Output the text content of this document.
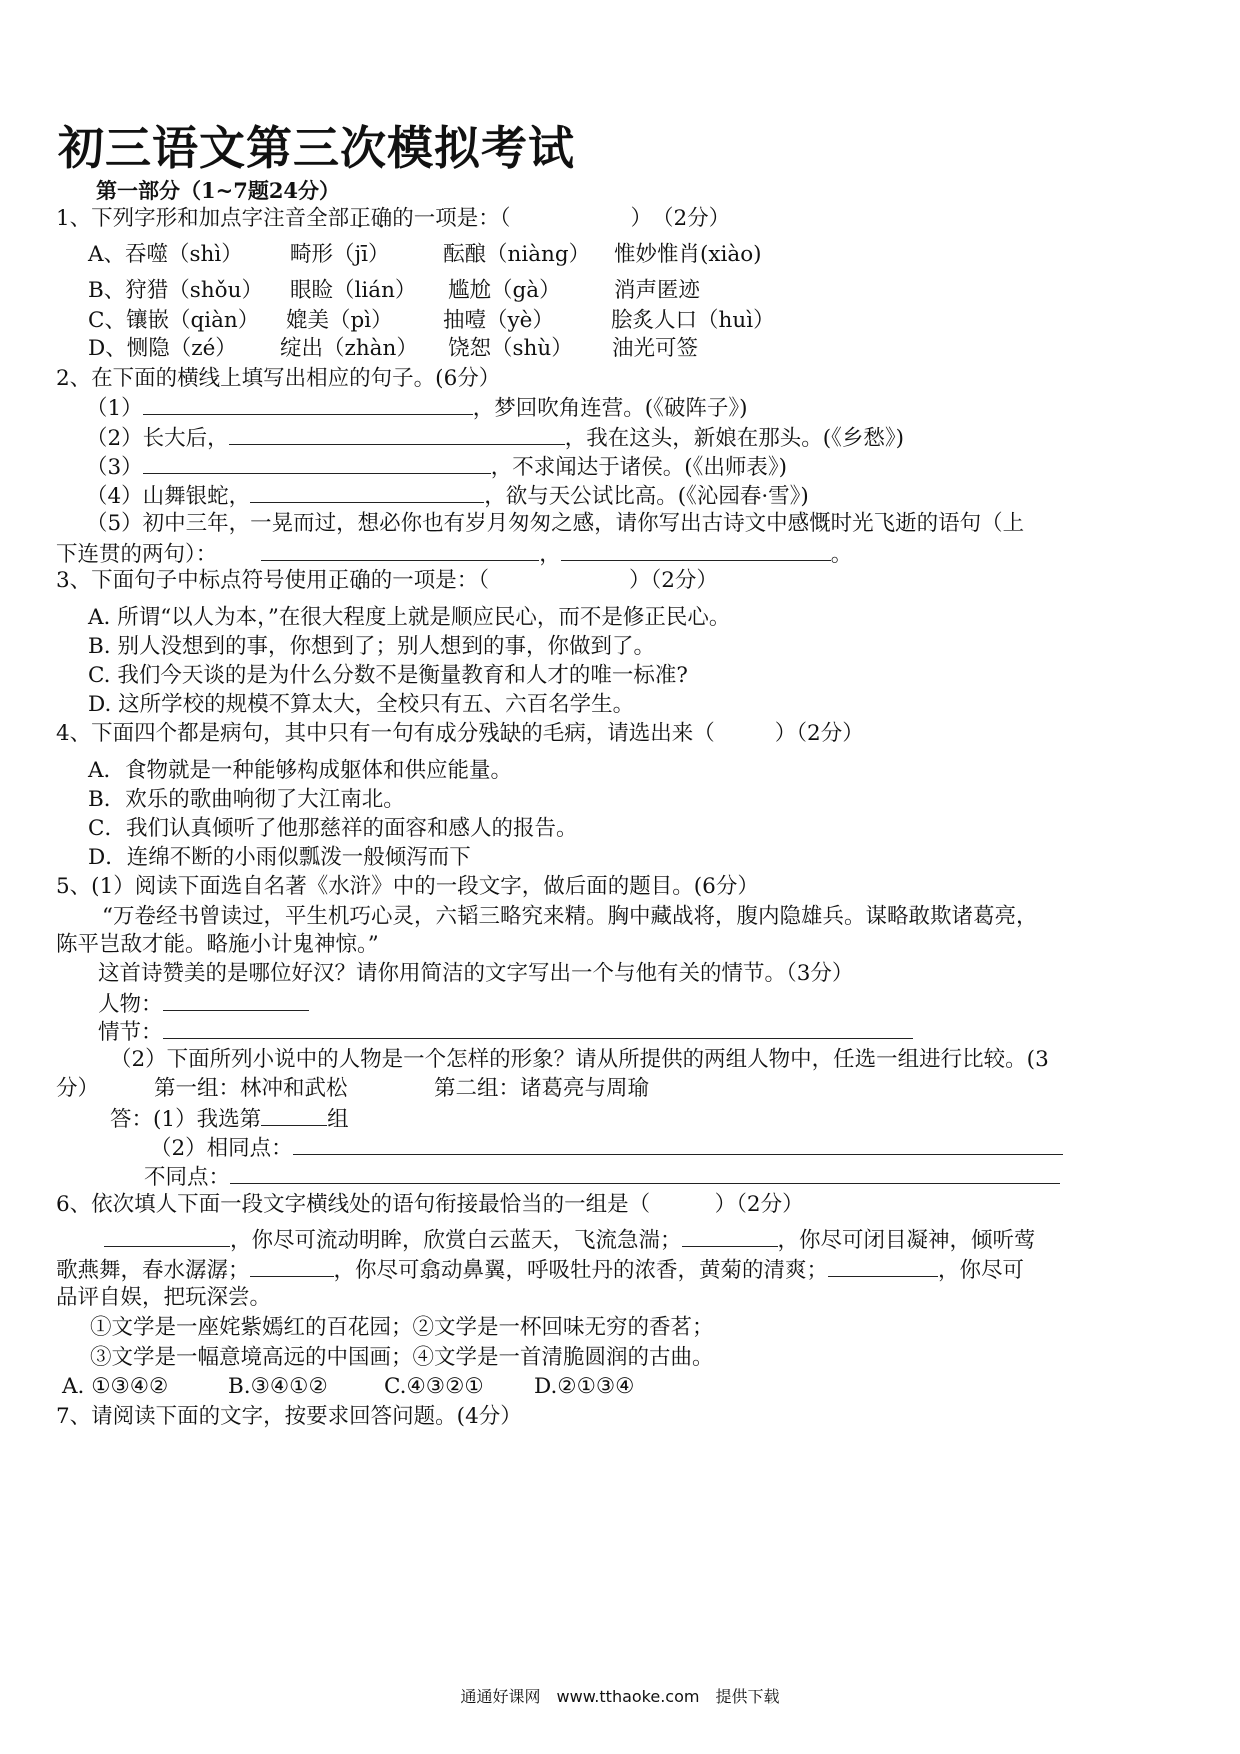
初三语文第三次模拟考试
第一部分（1~7题24分）
1、下列字形和加点字注音全部正确的一项是：（	）　（2分）
A、吞噬（shì） 畸形（jī） 酝酿（niàng） 惟妙惟肖(xiào)
B、狩猎（shǒu） 眼睑（lián） 尴尬（gà） 消声匿迹
C、镶嵌（qiàn） 媲美（pì） 抽噎（yè）	脍炙人口（huì）
D、恻隐（zé） 绽出（zhàn） 饶恕（shù） 油光可签
2、在下面的横线上填写出相应的句子。(6分）
（1）	，梦回吹角连营。(《破阵子》)
（2）长大后，	，我在这头，新娘在那头。(《乡愁》)
（3）	，不求闻达于诸侯。(《出师表》)
（4）山舞银蛇，	，欲与天公试比高。(《沁园春·雪》)
（5）初中三年，一晃而过，想必你也有岁月匆匆之感，请你写出古诗文中感慨时光飞逝的语句（上
下连贯的两句）：	，	。
3、下面句子中标点符号使用正确的一项是：（	）（2分）
A. 所谓“以人为本，”在很大程度上就是顺应民心，而不是修正民心。
B. 别人没想到的事，你想到了；别人想到的事，你做到了。
C. 我们今天谈的是为什么分数不是衡量教育和人才的唯一标准?
D. 这所学校的规模不算太大，全校只有五、六百名学生。
4、下面四个都是病句，其中只有一句有成分残缺的毛病，请选出来（	）（2分）
A．食物就是一种能够构成躯体和供应能量。
B．欢乐的歌曲响彻了大江南北。
C．我们认真倾听了他那慈祥的面容和感人的报告。
D．连绵不断的小雨似瓢泼一般倾泻而下
5、(1）阅读下面选自名著《水浒》中的一段文字，做后面的题目。(6分）
“万卷经书曾读过，平生机巧心灵，六韬三略究来精。胸中藏战将，腹内隐雄兵。谋略敢欺诸葛亮，
陈平岂敌才能。略施小计鬼神惊。”
这首诗赞美的是哪位好汉？请你用简洁的文字写出一个与他有关的情节。（3分）
人物：
情节：
（2）下面所列小说中的人物是一个怎样的形象？请从所提供的两组人物中，任选一组进行比较。(3
分）	第一组：林冲和武松	第二组：诸葛亮与周瑜
答：(1）我选第	组
（2）相同点：
不同点：
6、依次填人下面一段文字横线处的语句衔接最恰当的一组是（　　　）（2分）
，你尽可流动明眸，欣赏白云蓝天，飞流急湍；	，你尽可闭目凝神，倾听莺
歌燕舞，春水潺潺；	，你尽可翕动鼻翼，呼吸牡丹的浓香，黄菊的清爽；	，你尽可
品评自娱，把玩深尝。
①文学是一座姹紫嫣红的百花园；②文学是一杯回味无穷的香茗；
③文学是一幅意境高远的中国画；④文学是一首清脆圆润的古曲。
A. ①③④②	B.③④①②	C.④③②① D.②①③④
7、请阅读下面的文字，按要求回答问题。(4分）
通通好课网　www.tthaoke.com　提供下载
